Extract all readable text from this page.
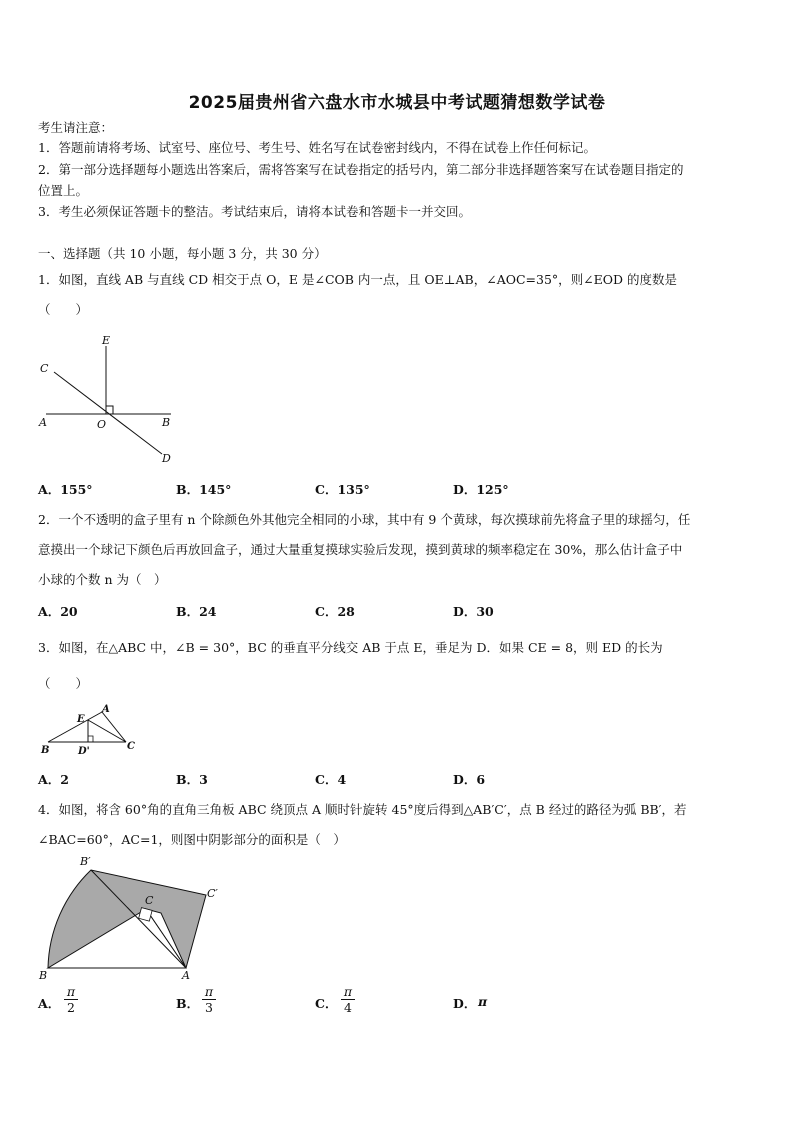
2025届贵州省六盘水市水城县中考试题猜想数学试卷
考生请注意：
1．答题前请将考场、试室号、座位号、考生号、姓名写在试卷密封线内，不得在试卷上作任何标记。
2．第一部分选择题每小题选出答案后，需将答案写在试卷指定的括号内，第二部分非选择题答案写在试卷题目指定的
位置上。
3．考生必须保证答题卡的整洁。考试结束后，请将本试卷和答题卡一并交回。
一、选择题（共 10 小题，每小题 3 分，共 30 分）
1．如图，直线 AB 与直线 CD 相交于点 O，E 是∠COB 内一点，且 OE⊥AB，∠AOC=35°，则∠EOD 的度数是
（　　）
C
E
A	O	B
D
A．155°	B．145°	C．135°	D．125°
2．一个不透明的盒子里有 n 个除颜色外其他完全相同的小球，其中有 9 个黄球，每次摸球前先将盒子里的球摇匀，任
意摸出一个球记下颜色后再放回盒子，通过大量重复摸球实验后发现，摸到黄球的频率稳定在 30%，那么估计盒子中
小球的个数 n 为（　）
A．20	B．24	C．28	D．30
3．如图，在△ABC 中，∠B = 30°，BC 的垂直平分线交 AB 于点 E，垂足为 D．如果 CE = 8，则 ED 的长为
（　　）
B
A
E
D'	C
A．2	B．3	C．4	D．6
4．如图，将含 60°角的直角三角板 ABC 绕顶点 A 顺时针旋转 45°度后得到△AB′C′，点 B 经过的路径为弧 BB′，若
∠BAC=60°，AC=1，则图中阴影部分的面积是（　）
B′
C′
C
B	A
A． $\frac{\pi}{2}$	B． $\frac{\pi}{3}$	C． $\frac{\pi}{4}$	D． π
